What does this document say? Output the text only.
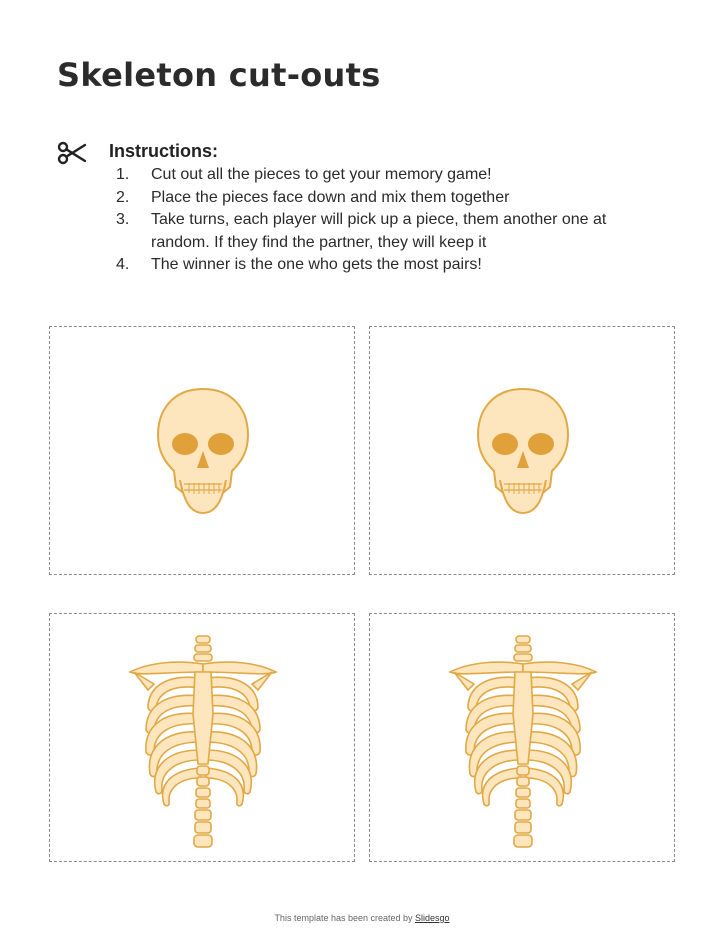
Skeleton cut-outs
Instructions:
1. Cut out all the pieces to get your memory game!
2. Place the pieces face down and mix them together
3. Take turns, each player will pick up a piece, them another one at random. If they find the partner, they will keep it
4. The winner is the one who gets the most pairs!
This template has been created by Slidesgo
